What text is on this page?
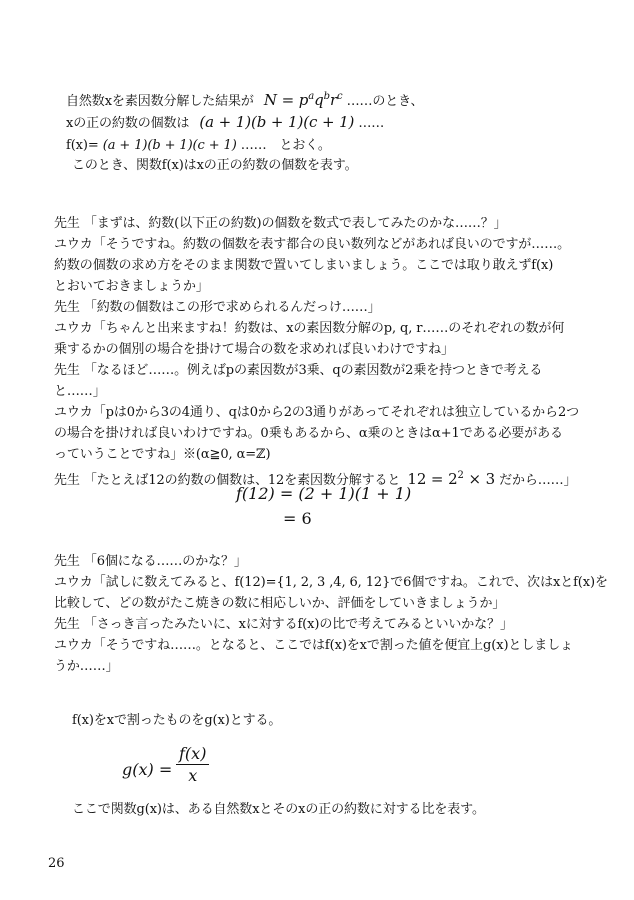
自然数xを素因数分解した結果が $N = p^aq^br^c$ ……のとき、
xの正の約数の個数は (a + 1)(b + 1)(c + 1) ……
f(x)= (a + 1)(b + 1)(c + 1) ……　とおく。
このとき、関数f(x)はxの正の約数の個数を表す。
先生 「まずは、約数(以下正の約数)の個数を数式で表してみたのかな……？」
ユウカ「そうですね。約数の個数を表す都合の良い数列などがあれば良いのですが……。
約数の個数の求め方をそのまま関数で置いてしまいましょう。ここでは取り敢えずf(x)
とおいておきましょうか」
先生 「約数の個数はこの形で求められるんだっけ……」
ユウカ「ちゃんと出来ますね！約数は、xの素因数分解のp, q, r……のそれぞれの数が何
乗するかの個別の場合を掛けて場合の数を求めれば良いわけですね」
先生 「なるほど……。例えばpの素因数が3乗、qの素因数が2乗を持つときで考える
と……」
ユウカ「pは0から3の4通り、qは0から2の3通りがあってそれぞれは独立しているから2つ
の場合を掛ければ良いわけですね。0乗もあるから、α乗のときはα+1である必要がある
っていうことですね」※(α≧0, α=ℤ)
先生 「たとえば12の約数の個数は、12を素因数分解すると $12 = 2^2 \times 3$ だから……」
f(12) = (2 + 1)(1 + 1)
= 6
先生 「6個になる……のかな？」
ユウカ「試しに数えてみると、f(12)={1, 2, 3 ,4, 6, 12}で6個ですね。これで、次はxとf(x)を
比較して、どの数がたこ焼きの数に相応しいか、評価をしていきましょうか」
先生 「さっき言ったみたいに、xに対するf(x)の比で考えてみるといいかな？」
ユウカ「そうですね……。となると、ここではf(x)をxで割った値を便宜上g(x)としましょ
うか……」
f(x)をxで割ったものをg(x)とする。
$g(x) = \frac{f(x)}{x}$
ここで関数g(x)は、ある自然数xとそのxの正の約数に対する比を表す。
26
